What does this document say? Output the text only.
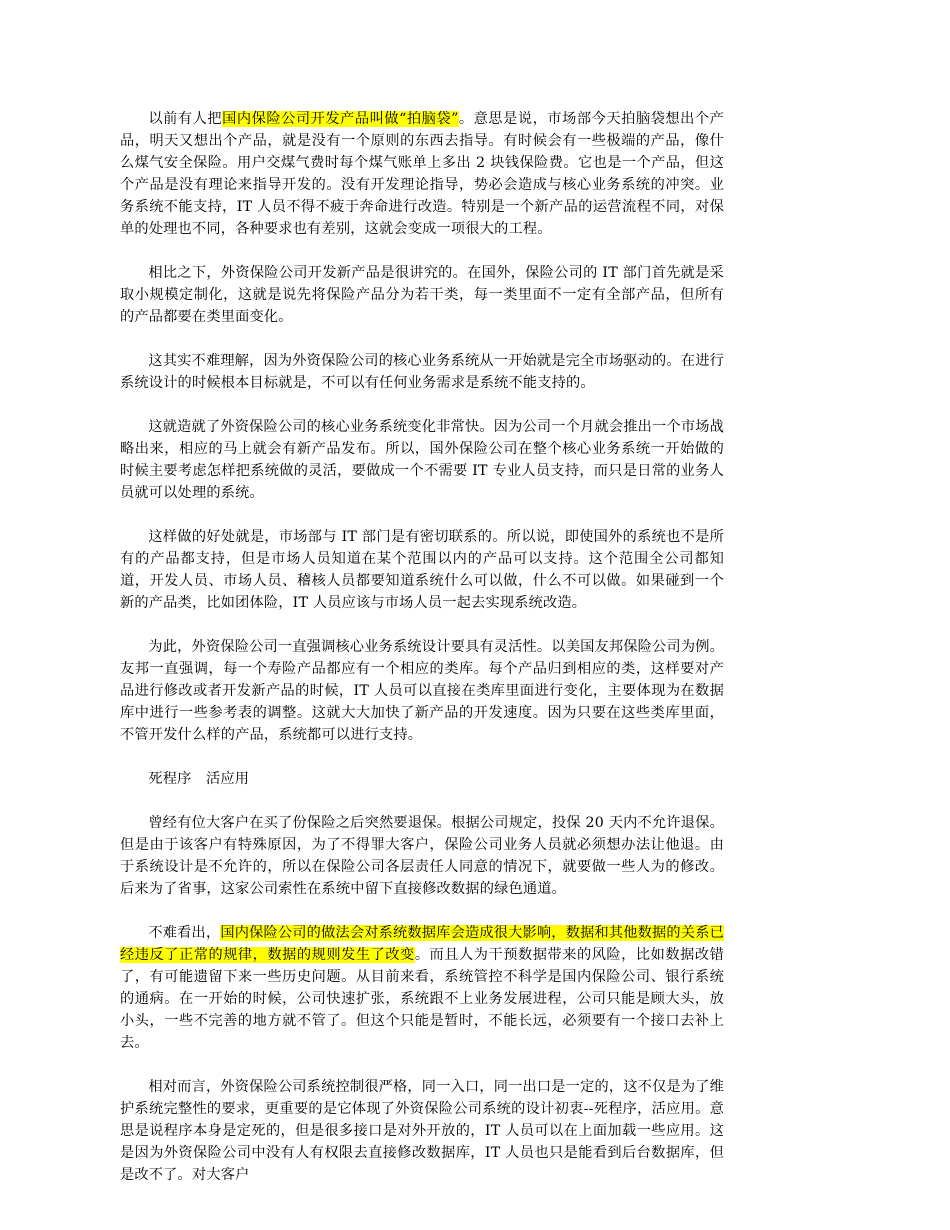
以前有人把国内保险公司开发产品叫做“拍脑袋”。意思是说，市场部今天拍脑袋想出个产品，明天又想出个产品，就是没有一个原则的东西去指导。有时候会有一些极端的产品，像什么煤气安全保险。用户交煤气费时每个煤气账单上多出 2 块钱保险费。它也是一个产品，但这个产品是没有理论来指导开发的。没有开发理论指导，势必会造成与核心业务系统的冲突。业务系统不能支持，IT 人员不得不疲于奔命进行改造。特别是一个新产品的运营流程不同，对保单的处理也不同，各种要求也有差别，这就会变成一项很大的工程。

相比之下，外资保险公司开发新产品是很讲究的。在国外，保险公司的 IT 部门首先就是采取小规模定制化，这就是说先将保险产品分为若干类，每一类里面不一定有全部产品，但所有的产品都要在类里面变化。

这其实不难理解，因为外资保险公司的核心业务系统从一开始就是完全市场驱动的。在进行系统设计的时候根本目标就是，不可以有任何业务需求是系统不能支持的。

这就造就了外资保险公司的核心业务系统变化非常快。因为公司一个月就会推出一个市场战略出来，相应的马上就会有新产品发布。所以，国外保险公司在整个核心业务系统一开始做的时候主要考虑怎样把系统做的灵活，要做成一个不需要 IT 专业人员支持，而只是日常的业务人员就可以处理的系统。

这样做的好处就是，市场部与 IT 部门是有密切联系的。所以说，即使国外的系统也不是所有的产品都支持，但是市场人员知道在某个范围以内的产品可以支持。这个范围全公司都知道，开发人员、市场人员、稽核人员都要知道系统什么可以做，什么不可以做。如果碰到一个新的产品类，比如团体险，IT 人员应该与市场人员一起去实现系统改造。

为此，外资保险公司一直强调核心业务系统设计要具有灵活性。以美国友邦保险公司为例。友邦一直强调，每一个寿险产品都应有一个相应的类库。每个产品归到相应的类，这样要对产品进行修改或者开发新产品的时候，IT 人员可以直接在类库里面进行变化，主要体现为在数据库中进行一些参考表的调整。这就大大加快了新产品的开发速度。因为只要在这些类库里面，不管开发什么样的产品，系统都可以进行支持。

死程序　活应用

曾经有位大客户在买了份保险之后突然要退保。根据公司规定，投保 20 天内不允许退保。但是由于该客户有特殊原因，为了不得罪大客户，保险公司业务人员就必须想办法让他退。由于系统设计是不允许的，所以在保险公司各层责任人同意的情况下，就要做一些人为的修改。后来为了省事，这家公司索性在系统中留下直接修改数据的绿色通道。

不难看出，国内保险公司的做法会对系统数据库会造成很大影响，数据和其他数据的关系已经违反了正常的规律，数据的规则发生了改变。而且人为干预数据带来的风险，比如数据改错了，有可能遗留下来一些历史问题。从目前来看，系统管控不科学是国内保险公司、银行系统的通病。在一开始的时候，公司快速扩张，系统跟不上业务发展进程，公司只能是顾大头，放小头，一些不完善的地方就不管了。但这个只能是暂时，不能长远，必须要有一个接口去补上去。

相对而言，外资保险公司系统控制很严格，同一入口，同一出口是一定的，这不仅是为了维护系统完整性的要求，更重要的是它体现了外资保险公司系统的设计初衷--死程序，活应用。意思是说程序本身是定死的，但是很多接口是对外开放的，IT 人员可以在上面加载一些应用。这是因为外资保险公司中没有人有权限去直接修改数据库，IT 人员也只是能看到后台数据库，但是改不了。对大客户
